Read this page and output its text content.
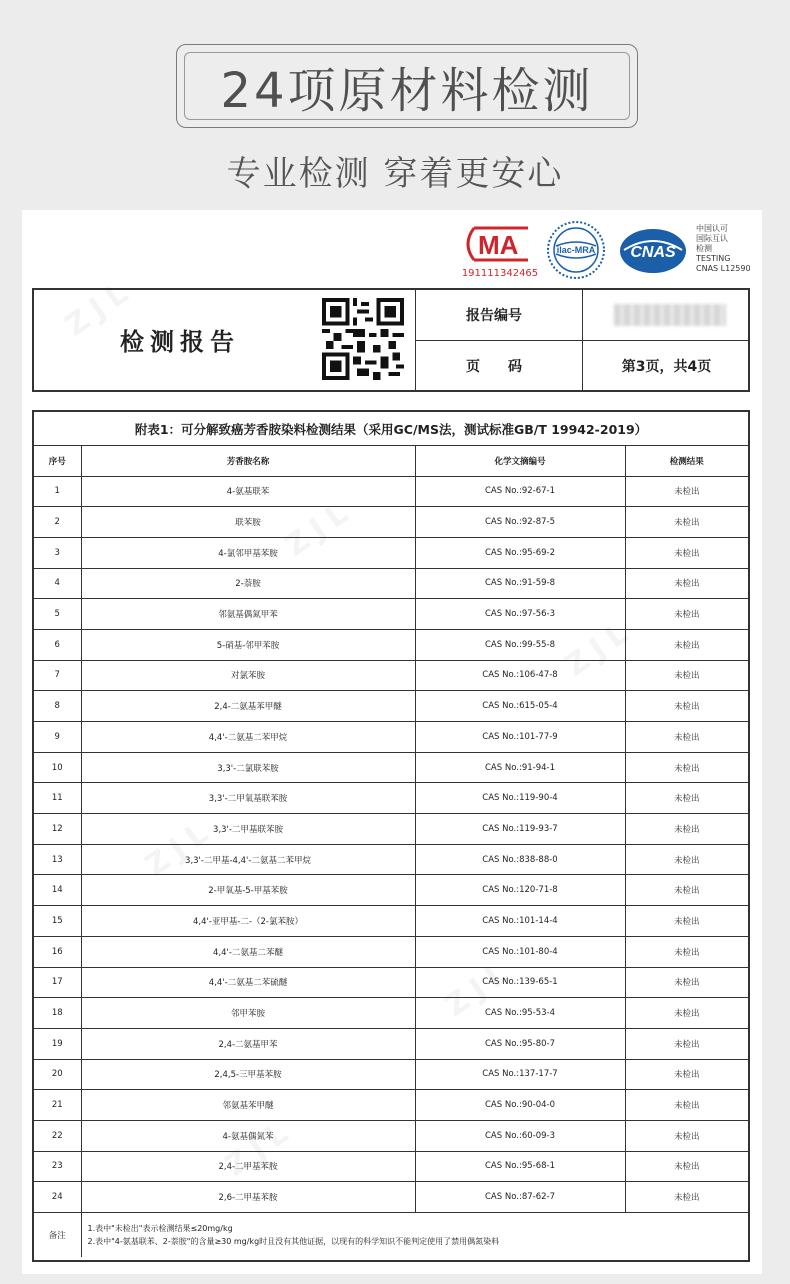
24项原材料检测
专业检测 穿着更安心
MA
191111342465
ilac-MRA CNAS
中国认可
国际互认
检测
TESTING
CNAS L12590
检测报告
报告编号
页　　码	第3页，共4页
附表1：可分解致癌芳香胺染料检测结果（采用GC/MS法，测试标准GB/T 19942-2019）
序号	芳香胺名称	化学文摘编号	检测结果
1	4-氨基联苯	CAS No.:92-67-1	未检出
2	联苯胺	CAS No.:92-87-5	未检出
3	4-氯邻甲基苯胺	CAS No.:95-69-2	未检出
4	2-萘胺	CAS No.:91-59-8	未检出
5	邻氨基偶氮甲苯	CAS No.:97-56-3	未检出
6	5-硝基-邻甲苯胺	CAS No.:99-55-8	未检出
7	对氯苯胺	CAS No.:106-47-8	未检出
8	2,4-二氨基苯甲醚	CAS No.:615-05-4	未检出
9	4,4'-二氨基二苯甲烷	CAS No.:101-77-9	未检出
10	3,3'-二氯联苯胺	CAS No.:91-94-1	未检出
11	3,3'-二甲氧基联苯胺	CAS No.:119-90-4	未检出
12	3,3'-二甲基联苯胺	CAS No.:119-93-7	未检出
13	3,3'-二甲基-4,4'-二氨基二苯甲烷	CAS No.:838-88-0	未检出
14	2-甲氧基-5-甲基苯胺	CAS No.:120-71-8	未检出
15	4,4'-亚甲基-二-（2-氯苯胺）	CAS No.:101-14-4	未检出
16	4,4'-二氨基二苯醚	CAS No.:101-80-4	未检出
17	4,4'-二氨基二苯硫醚	CAS No.:139-65-1	未检出
18	邻甲苯胺	CAS No.:95-53-4	未检出
19	2,4-二氨基甲苯	CAS No.:95-80-7	未检出
20	2,4,5-三甲基苯胺	CAS No.:137-17-7	未检出
21	邻氨基苯甲醚	CAS No.:90-04-0	未检出
22	4-氨基偶氮苯	CAS No.:60-09-3	未检出
23	2,4-二甲基苯胺	CAS No.:95-68-1	未检出
24	2,6-二甲基苯胺	CAS No.:87-62-7	未检出
备注	1.表中"未检出"表示检测结果≤20mg/kg
2.表中"4-氨基联苯、2-萘胺"的含量≥30 mg/kg时且没有其他证据，以现有的科学知识不能判定使用了禁用偶氮染料		
